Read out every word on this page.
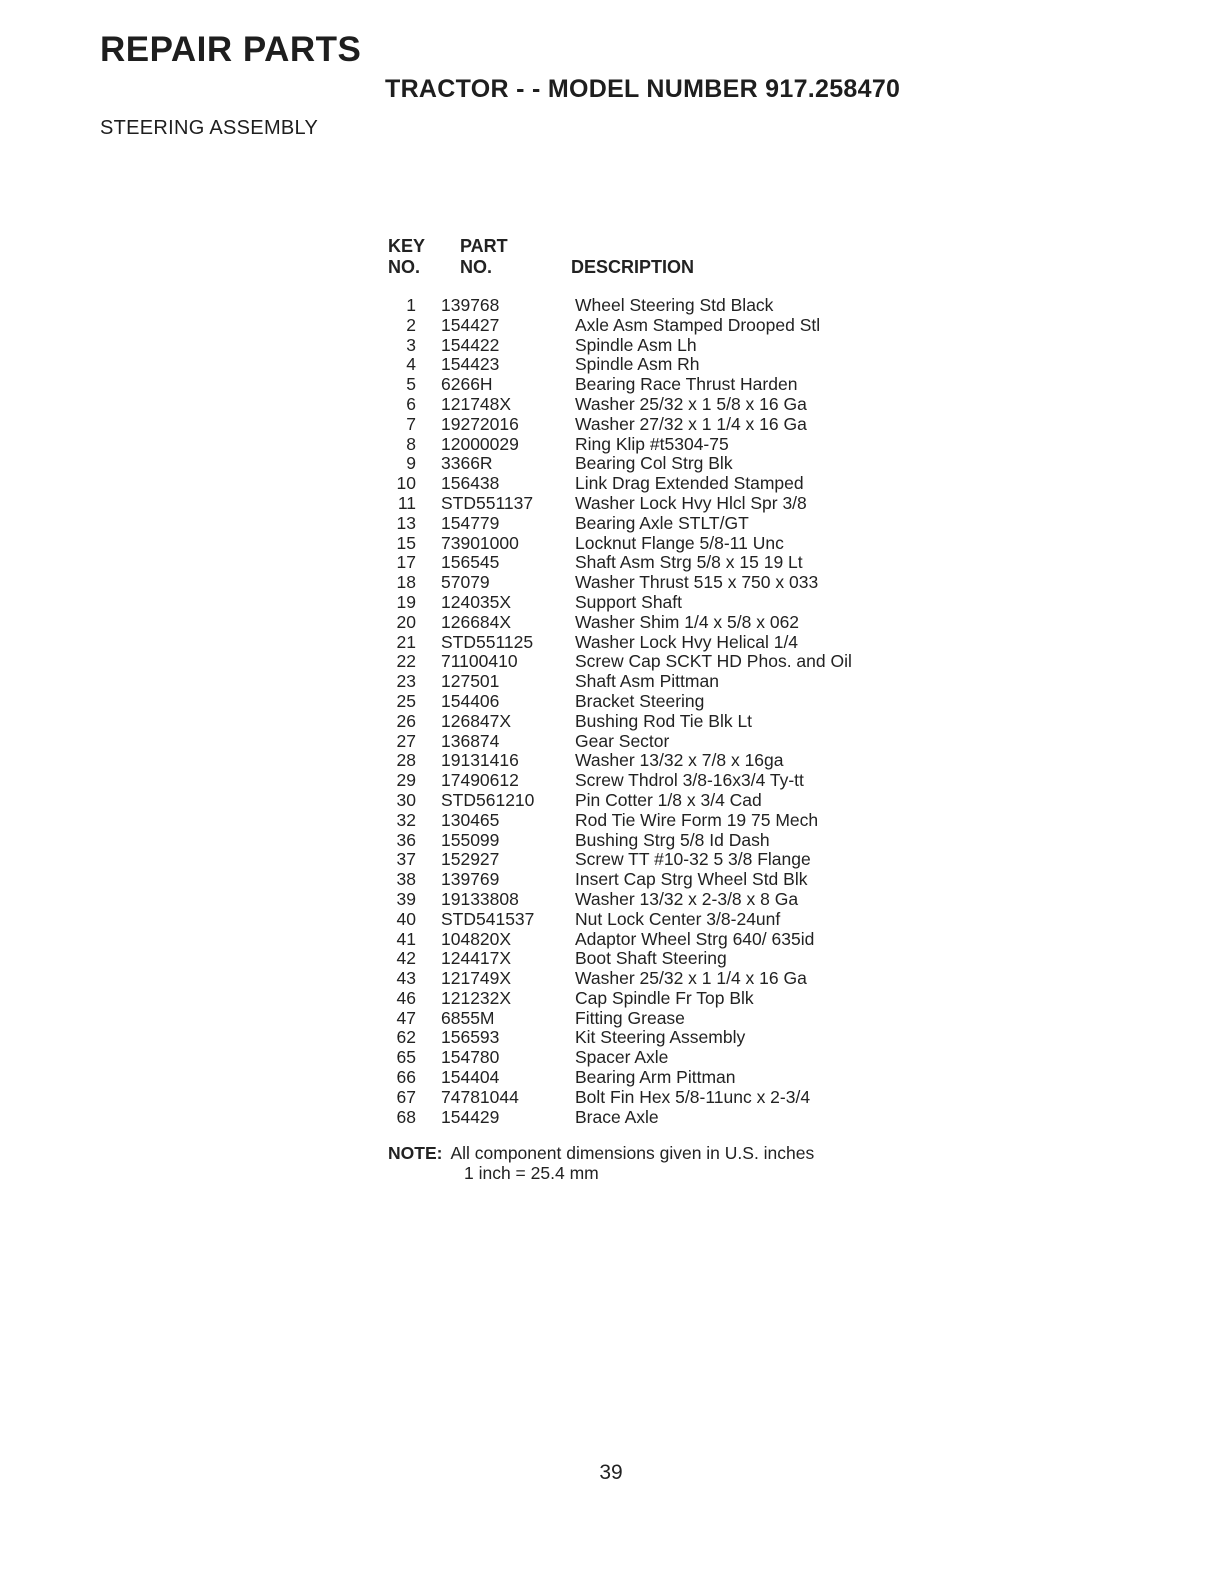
REPAIR PARTS
TRACTOR - - MODEL NUMBER 917.258470
STEERING ASSEMBLY
KEY
NO.
PART
NO.	DESCRIPTION
1 139768	Wheel Steering Std Black
2 154427	Axle Asm Stamped Drooped Stl
3 154422	Spindle Asm Lh
4 154423	Spindle Asm Rh
5 6266H	Bearing Race Thrust Harden
6 121748X	Washer 25/32 x 1 5/8 x 16 Ga
7 19272016	Washer 27/32 x 1 1/4 x 16 Ga
8 12000029	Ring Klip #t5304-75
9 3366R	Bearing Col Strg Blk
10 156438	Link Drag Extended Stamped
11 STD551137 Washer Lock Hvy Hlcl Spr 3/8
13 154779	Bearing Axle STLT/GT
15 73901000	Locknut Flange 5/8-11 Unc
17 156545	Shaft Asm Strg 5/8 x 15 19 Lt
18 57079	Washer Thrust 515 x 750 x 033
19 124035X	Support Shaft
20 126684X	Washer Shim 1/4 x 5/8 x 062
21 STD551125 Washer Lock Hvy Helical 1/4
22 71100410	Screw Cap SCKT HD Phos. and Oil
23 127501	Shaft Asm Pittman
25 154406	Bracket Steering
26 126847X	Bushing Rod Tie Blk Lt
27 136874	Gear Sector
28 19131416	Washer 13/32 x 7/8 x 16ga
29 17490612	Screw Thdrol 3/8-16x3/4 Ty-tt
30 STD561210 Pin Cotter 1/8 x 3/4 Cad
32 130465	Rod Tie Wire Form 19 75 Mech
36 155099	Bushing Strg 5/8 Id Dash
37 152927	Screw TT #10-32 5 3/8 Flange
38 139769	Insert Cap Strg Wheel Std Blk
39 19133808	Washer 13/32 x 2-3/8 x 8 Ga
40 STD541537 Nut Lock Center 3/8-24unf
41 104820X	Adaptor Wheel Strg 640/ 635id
42 124417X	Boot Shaft Steering
43 121749X	Washer 25/32 x 1 1/4 x 16 Ga
46 121232X	Cap Spindle Fr Top Blk
47 6855M	Fitting Grease
62 156593	Kit Steering Assembly
65 154780	Spacer Axle
66 154404	Bearing Arm Pittman
67 74781044	Bolt Fin Hex 5/8-11unc x 2-3/4
68 154429	Brace Axle
NOTE: All component dimensions given in U.S. inches
1 inch = 25.4 mm
39
